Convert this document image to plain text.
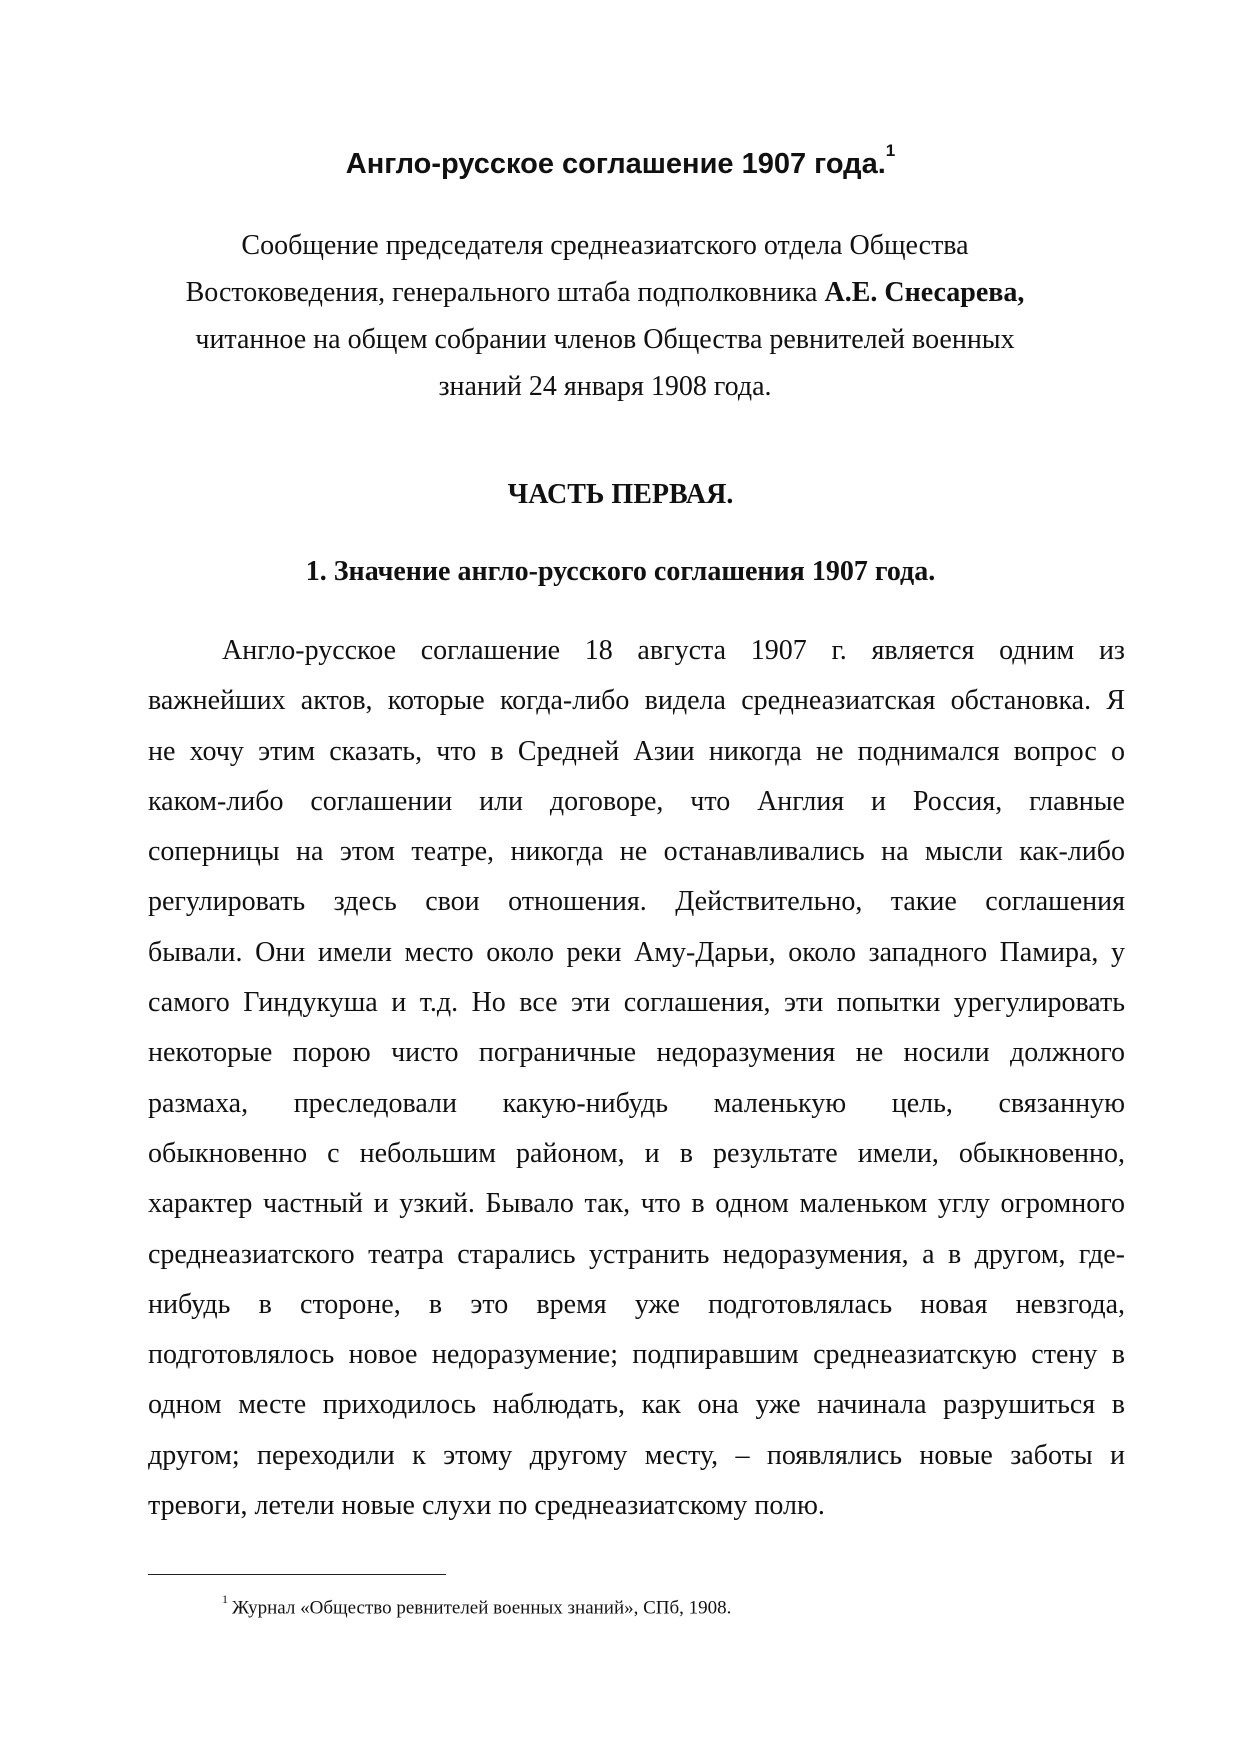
Англо-русское соглашение 1907 года.$^1$

Сообщение председателя среднеазиатского отдела Общества
Востоковедения, генерального штаба подполковника А.Е. Снесарева,
читанное на общем собрании членов Общества ревнителей военных
знаний 24 января 1908 года.

ЧАСТЬ ПЕРВАЯ.
1. Значение англо-русского соглашения 1907 года.

Англо-русское соглашение 18 августа 1907 г. является одним из
важнейших актов, которые когда-либо видела среднеазиатская обстановка. Я
не хочу этим сказать, что в Средней Азии никогда не поднимался вопрос о
каком-либо соглашении или договоре, что Англия и Россия, главные
соперницы на этом театре, никогда не останавливались на мысли как-либо
регулировать здесь свои отношения. Действительно, такие соглашения
бывали. Они имели место около реки Аму-Дарьи, около западного Памира, у
самого Гиндукуша и т.д. Но все эти соглашения, эти попытки урегулировать
некоторые порою чисто пограничные недоразумения не носили должного
размаха, преследовали какую-нибудь маленькую цель, связанную
обыкновенно с небольшим районом, и в результате имели, обыкновенно,
характер частный и узкий. Бывало так, что в одном маленьком углу огромного
среднеазиатского театра старались устранить недоразумения, а в другом, где-
нибудь в стороне, в это время уже подготовлялась новая невзгода,
подготовлялось новое недоразумение; подпиравшим среднеазиатскую стену в
одном месте приходилось наблюдать, как она уже начинала разрушиться в
другом; переходили к этому другому месту, – появлялись новые заботы и
тревоги, летели новые слухи по среднеазиатскому полю.

$^1$ Журнал «Общество ревнителей военных знаний», СПб, 1908.
